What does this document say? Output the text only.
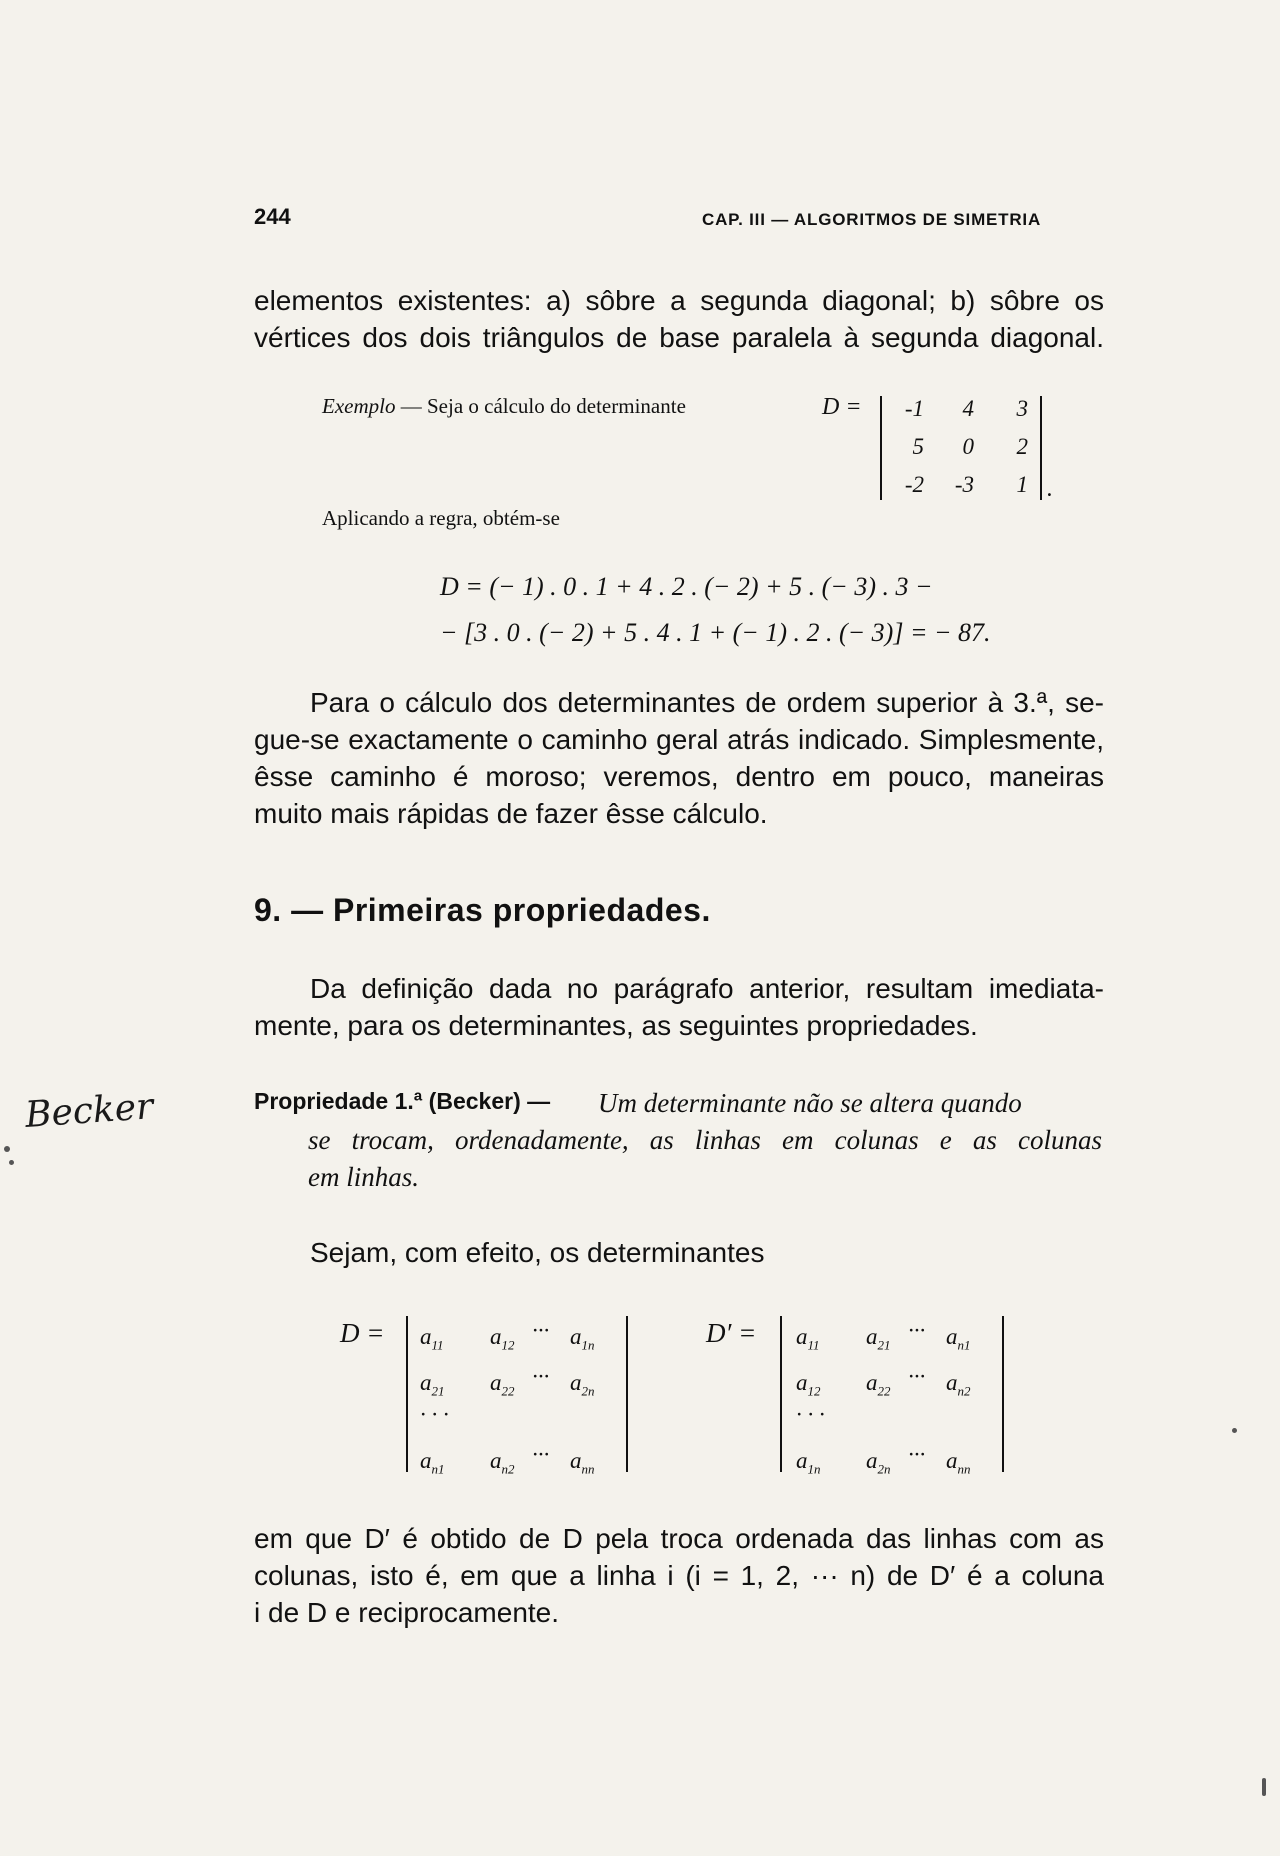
244	CAP. III — ALGORITMOS DE SIMETRIA
elementos existentes: a) sôbre a segunda diagonal; b) sôbre os
vértices dos dois triângulos de base paralela à segunda diagonal.
Exemplo — Seja o cálculo do determinante	D =	-1	4	3
5	0	2
-2	-3	1 .
Aplicando a regra, obtém-se
D = (− 1) . 0 . 1 + 4 . 2 . (− 2) + 5 . (− 3) . 3 −
− [3 . 0 . (− 2) + 5 . 4 . 1 + (− 1) . 2 . (− 3)] = − 87.
Para o cálculo dos determinantes de ordem superior à 3.ª, se-
gue-se exactamente o caminho geral atrás indicado. Simplesmente,
êsse caminho é moroso; veremos, dentro em pouco, maneiras
muito mais rápidas de fazer êsse cálculo.
9. — Primeiras propriedades.
Da definição dada no parágrafo anterior, resultam imediata-
mente, para os determinantes, as seguintes propriedades.
Becker	Propriedade 1.ª (Becker) — Um determinante não se altera quando
se trocam, ordenadamente, as linhas em colunas e as colunas
em linhas.
Sejam, com efeito, os determinantes
$D = a_{11}$ $a_{12}$ $a_{1n}$
···
$a_{21}$ $a_{22}$ $a_{2n}$
···
$a_{n1}$ $a_{n2}$ $a_{nn}$
···
· · ·
$D' = a_{11}$ $a_{21}$ $a_{n1}$
···
$a_{12}$ $a_{22}$ $a_{n2}$
···
$a_{1n}$ $a_{2n}$ $a_{nn}$
···
· · ·
em que D′ é obtido de D pela troca ordenada das linhas com as
colunas, isto é, em que a linha i (i = 1, 2, ··· n) de D′ é a coluna
i de D e reciprocamente.
